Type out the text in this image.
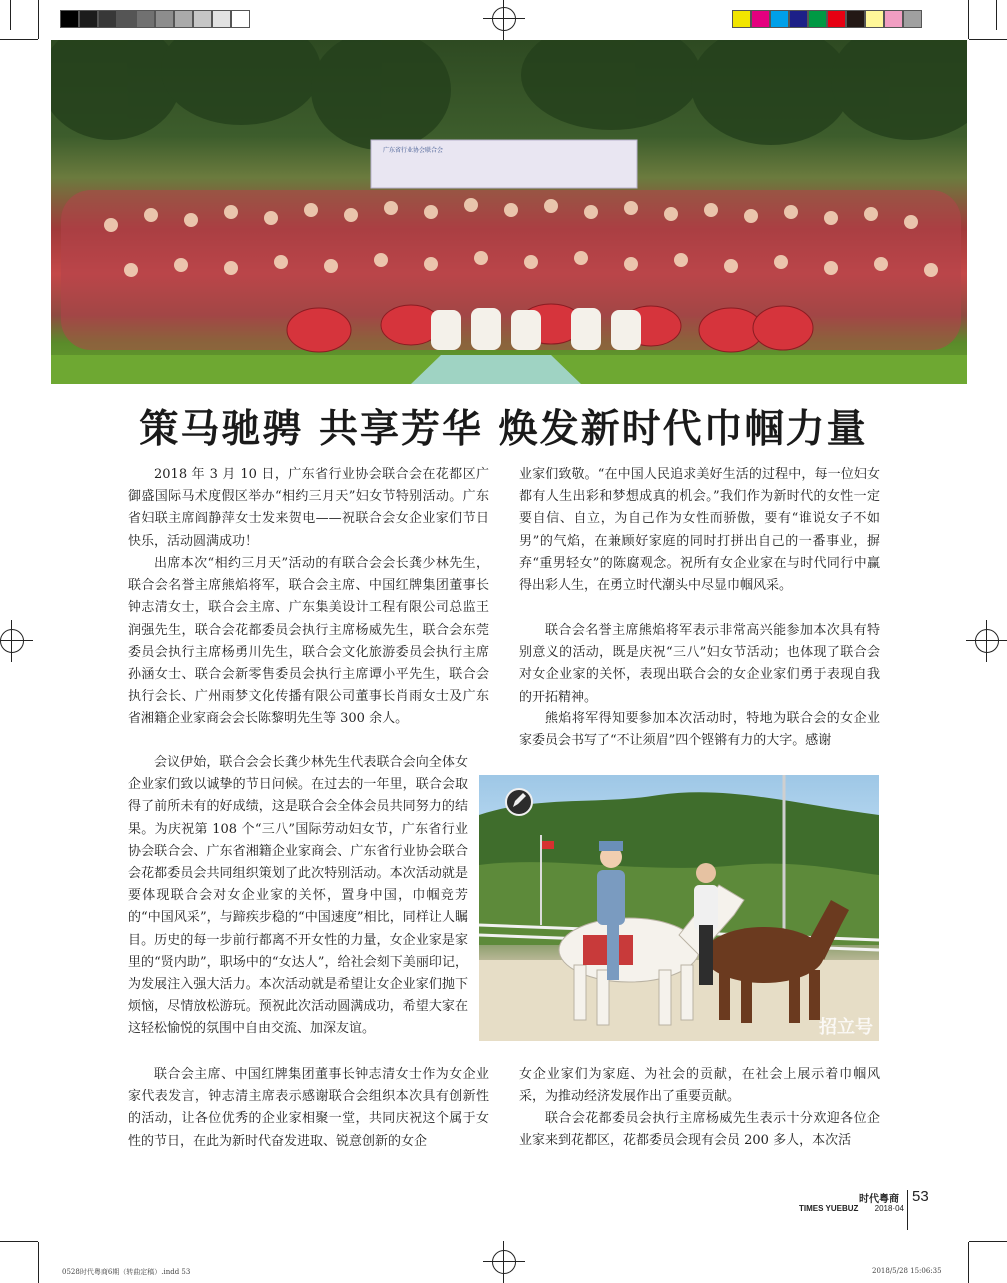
广东省行业协会联合会
策马驰骋 共享芳华 焕发新时代巾帼力量

2018 年 3 月 10 日，广东省行业协会联合会在花都区广御盛国际马术度假区举办“相约三月天”妇女节特别活动。广东省妇联主席阎静萍女士发来贺电——祝联合会女企业家们节日快乐，活动圆满成功！

出席本次“相约三月天”活动的有联合会会长龚少林先生，联合会名誉主席熊焰将军，联合会主席、中国红牌集团董事长钟志清女士，联合会主席、广东集美设计工程有限公司总监王润强先生，联合会花都委员会执行主席杨威先生，联合会东莞委员会执行主席杨勇川先生，联合会文化旅游委员会执行主席孙涵女士、联合会新零售委员会执行主席谭小平先生，联合会执行会长、广州雨梦文化传播有限公司董事长肖雨女士及广东省湘籍企业家商会会长陈黎明先生等 300 余人。

会议伊始，联合会会长龚少林先生代表联合会向全体女企业家们致以诚挚的节日问候。在过去的一年里，联合会取得了前所未有的好成绩，这是联合会全体会员共同努力的结果。为庆祝第 108 个“三八”国际劳动妇女节，广东省行业协会联合会、广东省湘籍企业家商会、广东省行业协会联合会花都委员会共同组织策划了此次特别活动。本次活动就是要体现联合会对女企业家的关怀，置身中国，巾帼竞芳的“中国风采”，与蹄疾步稳的“中国速度”相比，同样让人瞩目。历史的每一步前行都离不开女性的力量，女企业家是家里的“贤内助”，职场中的“女达人”，给社会刻下美丽印记，为发展注入强大活力。本次活动就是希望让女企业家们抛下烦恼，尽情放松游玩。预祝此次活动圆满成功，希望大家在这轻松愉悦的氛围中自由交流、加深友谊。

联合会主席、中国红牌集团董事长钟志清女士作为女企业家代表发言，钟志清主席表示感谢联合会组织本次具有创新性的活动，让各位优秀的企业家相聚一堂，共同庆祝这个属于女性的节日，在此为新时代奋发进取、锐意创新的女企

业家们致敬。“在中国人民追求美好生活的过程中，每一位妇女都有人生出彩和梦想成真的机会。”我们作为新时代的女性一定要自信、自立，为自己作为女性而骄傲，要有“谁说女子不如男”的气焰，在兼顾好家庭的同时打拼出自己的一番事业，摒弃“重男轻女”的陈腐观念。祝所有女企业家在与时代同行中赢得出彩人生，在勇立时代潮头中尽显巾帼风采。

联合会名誉主席熊焰将军表示非常高兴能参加本次具有特别意义的活动，既是庆祝“三八”妇女节活动；也体现了联合会对女企业家的关怀，表现出联合会的女企业家们勇于表现自我的开拓精神。

熊焰将军得知要参加本次活动时，特地为联合会的女企业家委员会书写了“不让须眉”四个铿锵有力的大字。感谢

招立号

女企业家们为家庭、为社会的贡献，在社会上展示着巾帼风采，为推动经济发展作出了重要贡献。

联合会花都委员会执行主席杨威先生表示十分欢迎各位企业家来到花都区，花都委员会现有会员 200 多人，本次活

时代粤商
TIMES YUEBUZ	2018·04
53
0528时代粤商6期（转曲定稿）.indd 53	2018/5/28 15:06:35
